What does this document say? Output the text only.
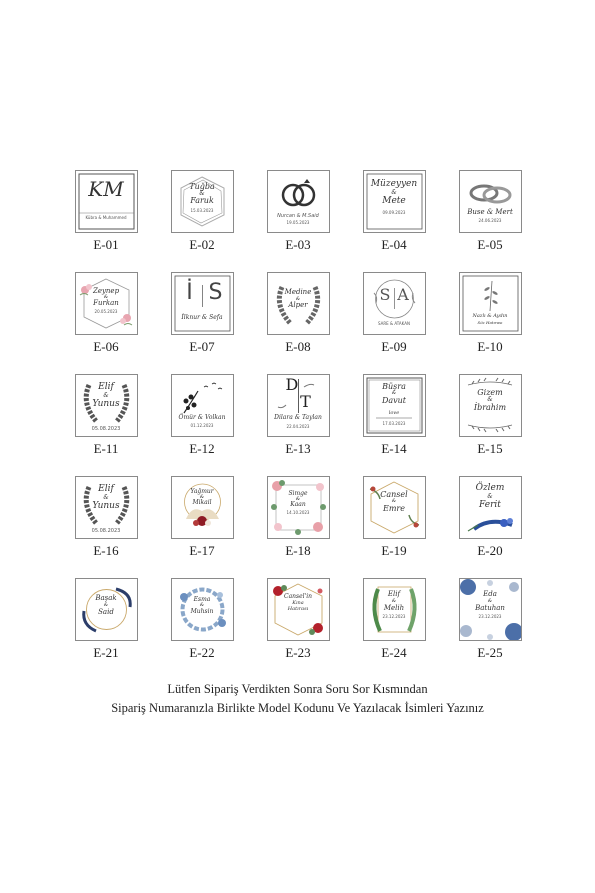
KM
Kübra & Muhammed
E-01
Tuğba
&
Faruk
15.03.2023
E-02
Nurcan & M.Said
19.05.2023
E-03
Müzeyyen
&
Mete
09.09.2023
E-04
Buse & Mert
24.06.2023
E-05
Zeynep
&
Furkan
20.05.2023
E-06
İ S
İlknur & Sefa
E-07
Medine
&
Alper
E-08
S A
SARE & ATAKAN
E-09
Nazlı & Aydın
Söz Hatırası
E-10
Elif
&
Yunus
05.08.2023
E-11
Ömür & Volkan
01.12.2023
E-12
D
T
Dilara & Taylan
22.04.2023
E-13
Büşra
&
Davut
love
17.03.2023
E-14
Gizem
&
İbrahim
E-15
Elif
&
Yunus
05.08.2023
E-16
Yağmur
&
Mikail
E-17
Simge
&
Kaan
14.10.2023
E-18
Cansel
&
Emre
E-19
Özlem
&
Ferit
E-20
Başak
&
Said
E-21
Esma
&
Muhsin
E-22
Cansel'in
Kına
Hatırası
E-23
Elif
&
Melih
23.12.2023
E-24
Eda
&
Batuhan
23.12.2023
E-25
Lütfen Sipariş Verdikten Sonra Soru Sor Kısmından
Sipariş Numaranızla Birlikte Model Kodunu Ve Yazılacak İsimleri Yazınız
